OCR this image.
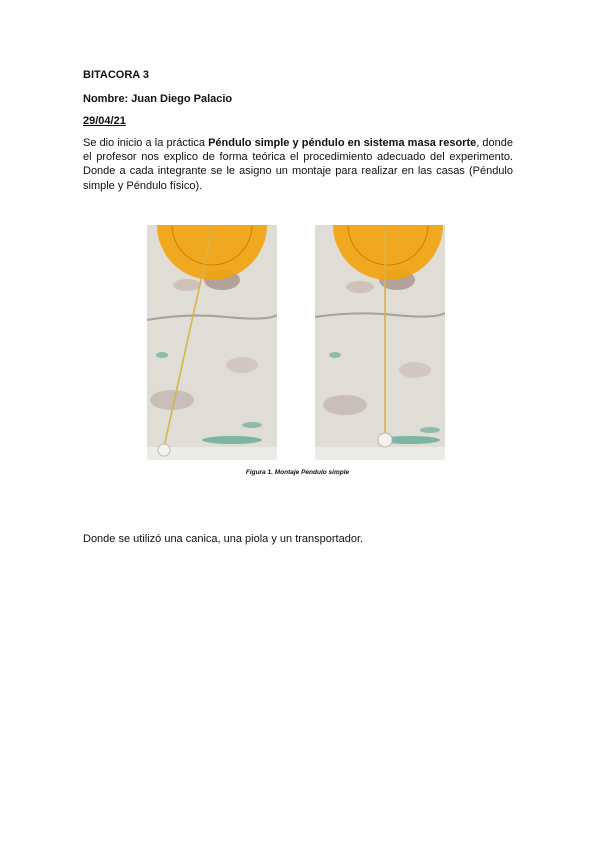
BITACORA 3
Nombre: Juan Diego Palacio
29/04/21
Se dio inicio a la práctica Péndulo simple y péndulo en sistema masa resorte, donde el profesor nos explico de forma teórica el procedimiento adecuado del experimento. Donde a cada integrante se le asigno un montaje para realizar en las casas (Péndulo simple y Péndulo físico).
Figura 1. Montaje Péndulo simple
Donde se utilizó una canica, una piola y un transportador.
